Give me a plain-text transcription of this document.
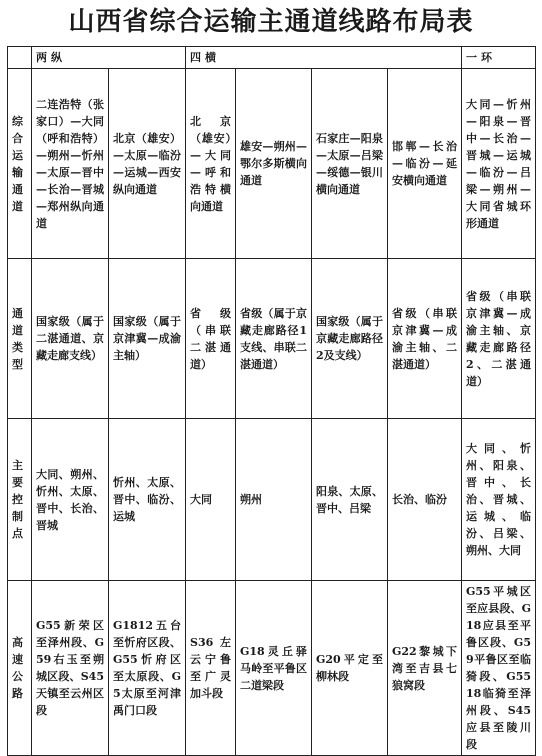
山西省综合运输主通道线路布局表
	两纵		四横				一环
综合运输通道	二连浩特（张家口）—大同（呼和浩特）—朔州—忻州—太原—晋中—长治—晋城—郑州纵向通道	北京（雄安）—太原—临汾—运城—西安纵向通道	北京（雄安）—大同—呼和浩特横向通道	雄安—朔州—鄂尔多斯横向通道	石家庄—阳泉—太原—吕梁—绥德—银川横向通道	邯郸—长治—临汾—延安横向通道	大同—忻州—阳泉—晋中—长治—晋城—运城—临汾—吕梁—朔州—大同省城环形通道
通道类型	国家级（属于二湛通道、京藏走廊支线）	国家级（属于京津冀—成渝主轴）	省级（串联二湛通道）	省级（属于京藏走廊路径1支线、串联二湛通道）	国家级（属于京藏走廊路径2及支线）	省级（串联京津冀—成渝主轴、二湛通道）	省级（串联京津冀—成渝主轴、京藏走廊路径2、二湛通道）
主要控制点	大同、朔州、忻州、太原、晋中、长治、晋城	忻州、太原、晋中、临汾、运城	大同	朔州	阳泉、太原、晋中、吕梁	长治、临汾	大同、忻州、阳泉、晋中、长治、晋城、运城、临汾、吕梁、朔州、大同
高速公路	G55新荣区至泽州段、G59右玉至朔城区段、S45天镇至云州区段	G1812五台至忻府区段、G55忻府区至太原段、G5太原至河津禹门口段	S36左云宁鲁至广灵加斗段	G18灵丘驿马岭至平鲁区二道梁段	G20平定至柳林段	G22黎城下湾至吉县七狼窝段	G55平城区至应县段、G18应县至平鲁区段、G59平鲁区至临猗段、G5518临猗至泽州段、S45应县至陵川段
